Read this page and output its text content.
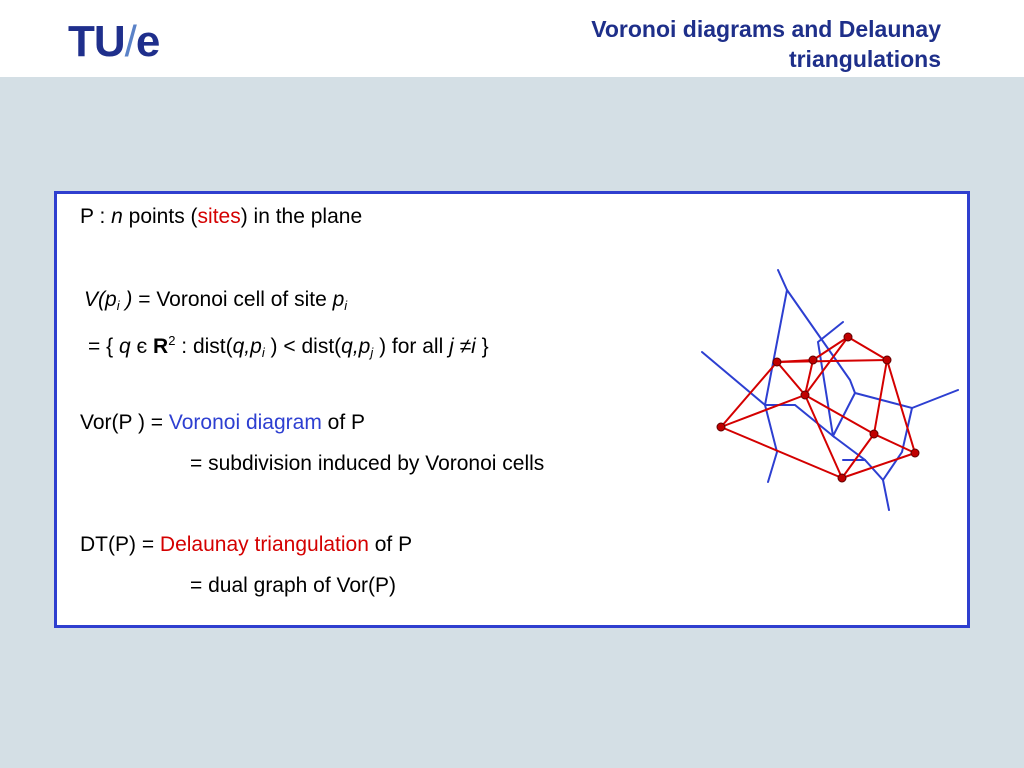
TU/e	Voronoi diagrams and Delaunay
triangulations
P : n points (sites) in the plane
$V(p_i$ ) = Voronoi cell of site $p_i$
= { q є $R^2$ : $dist(q,p_i$ ) < $dist(q,p_j$ ) for all j ≠i }
Vor(P ) = Voronoi diagram of P
= subdivision induced by Voronoi cells
DT(P) = Delaunay triangulation of P
= dual graph of Vor(P)
